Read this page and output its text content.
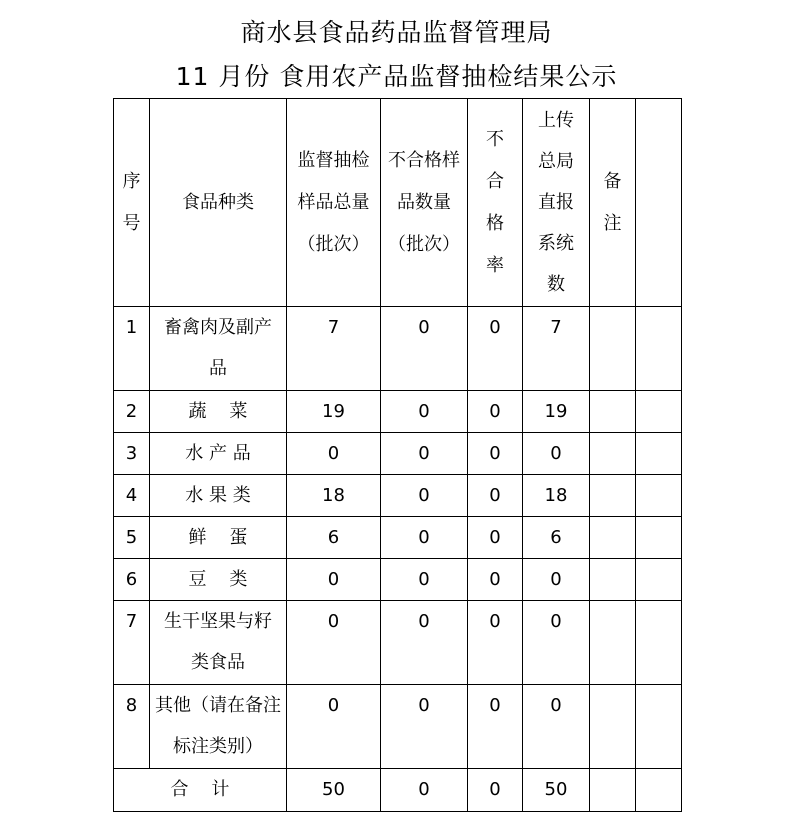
商水县食品药品监督管理局
11 月份 食用农产品监督抽检结果公示
序号	食品种类	监督抽检样品总量（批次）	不合格样品数量（批次）	不合格率	上传总局直报系统数	备注	

1	畜禽肉及副产品	7	0	0	7		
2	蔬    菜	19	0	0	19		
3	水 产 品	0	0	0	0		
4	水 果 类	18	0	0	18		
5	鲜    蛋	6	0	0	6		
6	豆    类	0	0	0	0		
7	生干坚果与籽类食品	0	0	0	0		
8	其他（请在备注标注类别）	0	0	0	0		
合    计		50	0	0	50		
